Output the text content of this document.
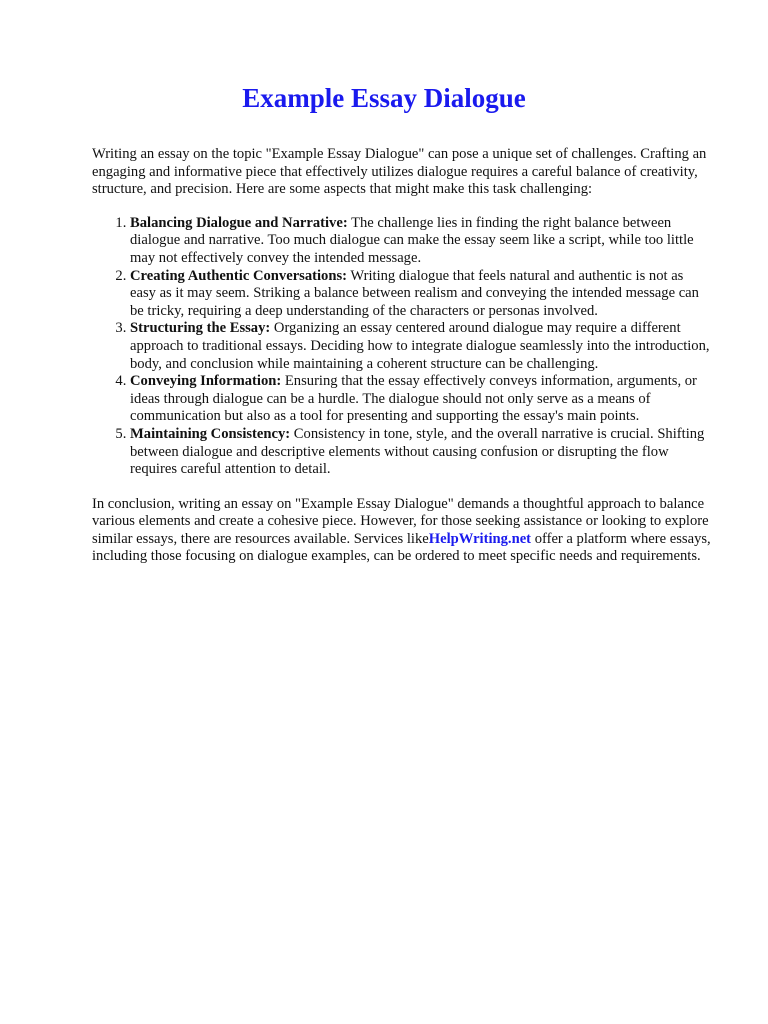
Example Essay Dialogue

Writing an essay on the topic "Example Essay Dialogue" can pose a unique set of challenges. Crafting an engaging and informative piece that effectively utilizes dialogue requires a careful balance of creativity, structure, and precision. Here are some aspects that might make this task challenging:

1. Balancing Dialogue and Narrative: The challenge lies in finding the right balance between dialogue and narrative. Too much dialogue can make the essay seem like a script, while too little may not effectively convey the intended message.
2. Creating Authentic Conversations: Writing dialogue that feels natural and authentic is not as easy as it may seem. Striking a balance between realism and conveying the intended message can be tricky, requiring a deep understanding of the characters or personas involved.
3. Structuring the Essay: Organizing an essay centered around dialogue may require a different approach to traditional essays. Deciding how to integrate dialogue seamlessly into the introduction, body, and conclusion while maintaining a coherent structure can be challenging.
4. Conveying Information: Ensuring that the essay effectively conveys information, arguments, or ideas through dialogue can be a hurdle. The dialogue should not only serve as a means of communication but also as a tool for presenting and supporting the essay's main points.
5. Maintaining Consistency: Consistency in tone, style, and the overall narrative is crucial. Shifting between dialogue and descriptive elements without causing confusion or disrupting the flow requires careful attention to detail.

In conclusion, writing an essay on "Example Essay Dialogue" demands a thoughtful approach to balance various elements and create a cohesive piece. However, for those seeking assistance or looking to explore similar essays, there are resources available. Services likeHelpWriting.net offer a platform where essays, including those focusing on dialogue examples, can be ordered to meet specific needs and requirements.
